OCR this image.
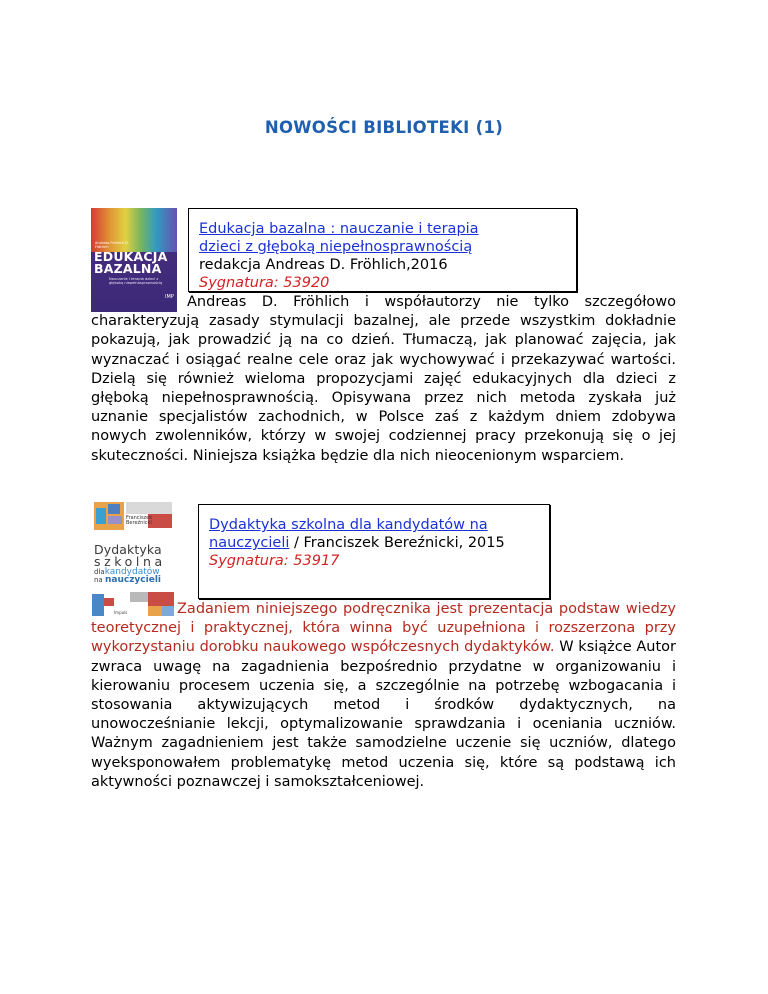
NOWOŚCI BIBLIOTEKI (1)
Andreas Fröhlich D. Fröhlich
EDUKACJA
BAZALNA
Nauczanie i terapia dzieci z głęboką niepełnosprawnością
IMP
Edukacja bazalna : nauczanie i terapia
dzieci z głęboką niepełnosprawnością
redakcja Andreas D. Fröhlich,2016
Sygnatura: 53920

Andreas D. Fröhlich i współautorzy nie tylko szczegółowo charakteryzują zasady stymulacji bazalnej, ale przede wszystkim dokładnie pokazują, jak prowadzić ją na co dzień. Tłumaczą, jak planować zajęcia, jak wyznaczać i osiągać realne cele oraz jak wychowywać i przekazywać wartości. Dzielą się również wieloma propozycjami zajęć edukacyjnych dla dzieci z głęboką niepełnosprawnością. Opisywana przez nich metoda zyskała już uznanie specjalistów zachodnich, w Polsce zaś z każdym dniem zdobywa nowych zwolenników, którzy w swojej codziennej pracy przekonują się o jej skuteczności. Niniejsza książka będzie dla nich nieocenionym wsparciem.

Franciszek Bereźnicki
Dydaktyka
szkolna
dlakandydatów
na nauczycieli
Impuls
Dydaktyka szkolna dla kandydatów na
nauczycieli / Franciszek Bereźnicki, 2015
Sygnatura: 53917

Zadaniem niniejszego podręcznika jest prezentacja podstaw wiedzy teoretycznej i praktycznej, która winna być uzupełniona i rozszerzona przy wykorzystaniu dorobku naukowego współczesnych dydaktyków. W książce Autor zwraca uwagę na zagadnienia bezpośrednio przydatne w organizowaniu i kierowaniu procesem uczenia się, a szczególnie na potrzebę wzbogacania i stosowania aktywizujących metod i środków dydaktycznych, na unowocześnianie lekcji, optymalizowanie sprawdzania i oceniania uczniów. Ważnym zagadnieniem jest także samodzielne uczenie się uczniów, dlatego wyeksponowałem problematykę metod uczenia się, które są podstawą ich aktywności poznawczej i samokształceniowej.
